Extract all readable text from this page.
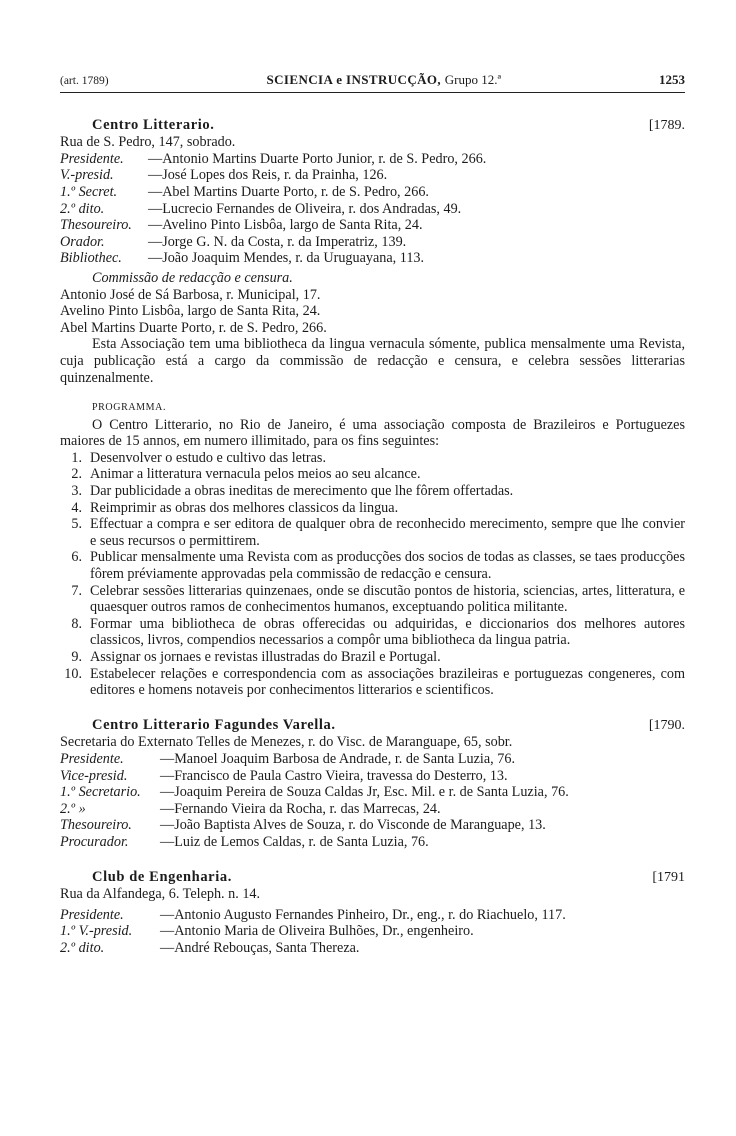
(art. 1789)	SCIENCIA e INSTRUCÇÃO, Grupo 12.ª	1253
Centro Litterario.	[1789.
Rua de S. Pedro, 147, sobrado.
Presidente.	—Antonio Martins Duarte Porto Junior, r. de S. Pedro, 266.
V.-presid.	—José Lopes dos Reis, r. da Prainha, 126.
1.º Secret.	—Abel Martins Duarte Porto, r. de S. Pedro, 266.
2.º dito.	—Lucrecio Fernandes de Oliveira, r. dos Andradas, 49.
Thesoureiro.	—Avelino Pinto Lisbôa, largo de Santa Rita, 24.
Orador.	—Jorge G. N. da Costa, r. da Imperatriz, 139.
Bibliothec.	—João Joaquim Mendes, r. da Uruguayana, 113.
Commissão de redacção e censura.
Antonio José de Sá Barbosa, r. Municipal, 17.
Avelino Pinto Lisbôa, largo de Santa Rita, 24.
Abel Martins Duarte Porto, r. de S. Pedro, 266.

Esta Associação tem uma bibliotheca da lingua vernacula sómente, publica mensalmente uma Revista, cuja publicação está a cargo da commissão de redacção e censura, e celebra sessões litterarias quinzenalmente.

PROGRAMMA.

O Centro Litterario, no Rio de Janeiro, é uma associação composta de Brazileiros e Portuguezes maiores de 15 annos, em numero illimitado, para os fins seguintes:

1. Desenvolver o estudo e cultivo das letras.
2. Animar a litteratura vernacula pelos meios ao seu alcance.
3. Dar publicidade a obras ineditas de merecimento que lhe fôrem offertadas.
4. Reimprimir as obras dos melhores classicos da lingua.
5. Effectuar a compra e ser editora de qualquer obra de reconhecido merecimento, sempre que lhe convier e seus recursos o permittirem.
6. Publicar mensalmente uma Revista com as producções dos socios de todas as classes, se taes producções fôrem préviamente approvadas pela commissão de redacção e censura.
7. Celebrar sessões litterarias quinzenaes, onde se discutão pontos de historia, sciencias, artes, litteratura, e quaesquer outros ramos de conhecimentos humanos, exceptuando politica militante.
8. Formar uma bibliotheca de obras offerecidas ou adquiridas, e diccionarios dos melhores autores classicos, livros, compendios necessarios a compôr uma bibliotheca da lingua patria.
9. Assignar os jornaes e revistas illustradas do Brazil e Portugal.
10. Estabelecer relações e correspondencia com as associações brazileiras e portuguezas congeneres, com editores e homens notaveis por conhecimentos litterarios e scientificos.
Centro Litterario Fagundes Varella.	[1790.
Secretaria do Externato Telles de Menezes, r. do Visc. de Maranguape, 65, sobr.
Presidente.	—Manoel Joaquim Barbosa de Andrade, r. de Santa Luzia, 76.
Vice-presid.	—Francisco de Paula Castro Vieira, travessa do Desterro, 13.
1.º Secretario.	—Joaquim Pereira de Souza Caldas Jr, Esc. Mil. e r. de Santa Luzia, 76.
2.º »	—Fernando Vieira da Rocha, r. das Marrecas, 24.
Thesoureiro.	—João Baptista Alves de Souza, r. do Visconde de Maranguape, 13.
Procurador.	—Luiz de Lemos Caldas, r. de Santa Luzia, 76.
Club de Engenharia.	[1791
Rua da Alfandega, 6. Teleph. n. 14.
Presidente.	—Antonio Augusto Fernandes Pinheiro, Dr., eng., r. do Riachuelo, 117.
1.º V.-presid.	—Antonio Maria de Oliveira Bulhões, Dr., engenheiro.
2.º dito.	—André Rebouças, Santa Thereza.
